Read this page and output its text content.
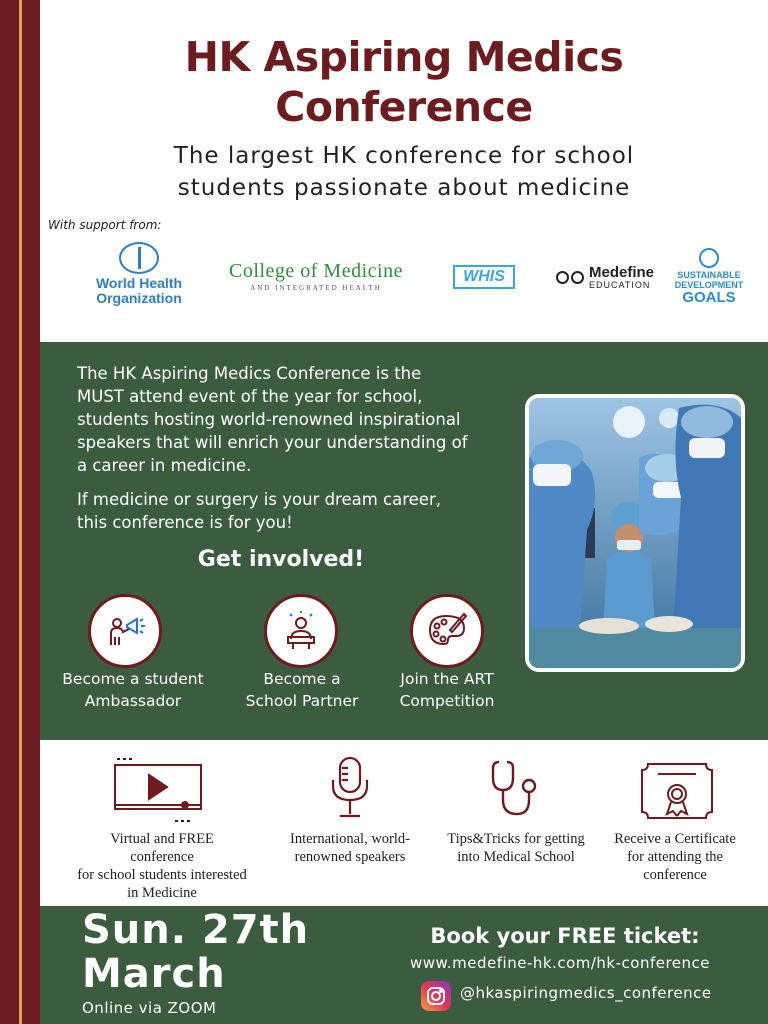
HK Aspiring Medics
Conference
The largest HK conference for school
students passionate about medicine
With support from:
World Health
Organization
College of Medicine
AND INTEGRATED HEALTH
WHIS	Medefine
EDUCATION
SUSTAINABLE
DEVELOPMENT
GOALS

The HK Aspiring Medics Conference is the MUST attend event of the year for school, students hosting world-renowned inspirational speakers that will enrich your understanding of a career in medicine.

If medicine or surgery is your dream career, this conference is for you!

Get involved!
Become a student
Ambassador
Become a
School Partner
Join the ART
Competition
Virtual and FREE conference
for school students interested
in Medicine
International, world-
renowned speakers
Tips&Tricks for getting
into Medical School
Receive a Certificate
for attending the
conference
Sun. 27th
March
Online via ZOOM
Book your FREE ticket:
www.medefine-hk.com/hk-conference
@hkaspiringmedics_conference
